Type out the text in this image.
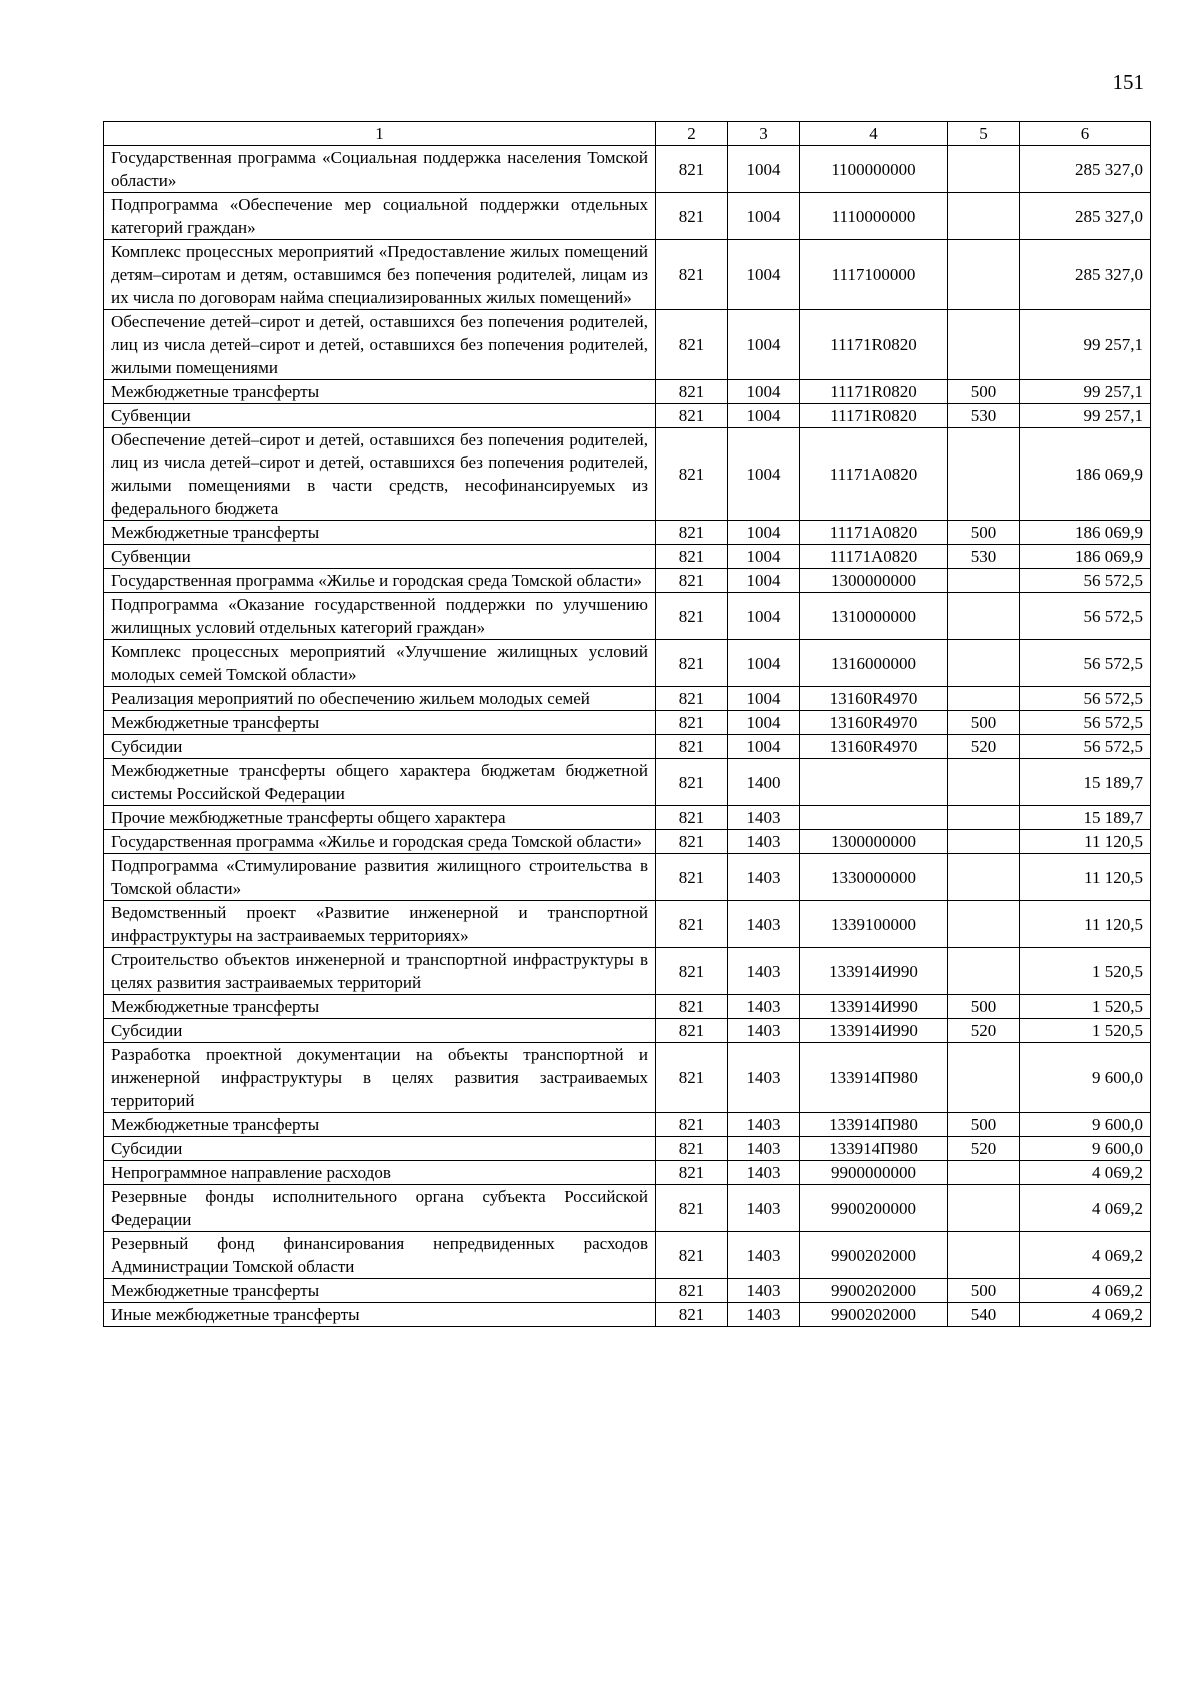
151
1	2	3	4	5	6
Государственная программа «Социальная поддержка населения Томской области»	821	1004	1100000000		285 327,0
Подпрограмма «Обеспечение мер социальной поддержки отдельных категорий граждан»	821	1004	1110000000		285 327,0
Комплекс процессных мероприятий «Предоставление жилых помещений детям–сиротам и детям, оставшимся без попечения родителей, лицам из их числа по договорам найма специализированных жилых помещений»	821	1004	1117100000		285 327,0
Обеспечение детей–сирот и детей, оставшихся без попечения родителей, лиц из числа детей–сирот и детей, оставшихся без попечения родителей, жилыми помещениями	821	1004	11171R0820		99 257,1
Межбюджетные трансферты	821	1004	11171R0820	500	99 257,1
Субвенции	821	1004	11171R0820	530	99 257,1
Обеспечение детей–сирот и детей, оставшихся без попечения родителей, лиц из числа детей–сирот и детей, оставшихся без попечения родителей, жилыми помещениями в части средств, несофинансируемых из федерального бюджета	821	1004	11171A0820		186 069,9
Межбюджетные трансферты	821	1004	11171A0820	500	186 069,9
Субвенции	821	1004	11171A0820	530	186 069,9
Государственная программа «Жилье и городская среда Томской области»	821	1004	1300000000		56 572,5
Подпрограмма «Оказание государственной поддержки по улучшению жилищных условий отдельных категорий граждан»	821	1004	1310000000		56 572,5
Комплекс процессных мероприятий «Улучшение жилищных условий молодых семей Томской области»	821	1004	1316000000		56 572,5
Реализация мероприятий по обеспечению жильем молодых семей	821	1004	13160R4970		56 572,5
Межбюджетные трансферты	821	1004	13160R4970	500	56 572,5
Субсидии	821	1004	13160R4970	520	56 572,5
Межбюджетные трансферты общего характера бюджетам бюджетной системы Российской Федерации	821	1400			15 189,7
Прочие межбюджетные трансферты общего характера	821	1403			15 189,7
Государственная программа «Жилье и городская среда Томской области»	821	1403	1300000000		11 120,5
Подпрограмма «Стимулирование развития жилищного строительства в Томской области»	821	1403	1330000000		11 120,5
Ведомственный проект «Развитие инженерной и транспортной инфраструктуры на застраиваемых территориях»	821	1403	1339100000		11 120,5
Строительство объектов инженерной и транспортной инфраструктуры в целях развития застраиваемых территорий	821	1403	133914И990		1 520,5
Межбюджетные трансферты	821	1403	133914И990	500	1 520,5
Субсидии	821	1403	133914И990	520	1 520,5
Разработка проектной документации на объекты транспортной и инженерной инфраструктуры в целях развития застраиваемых территорий	821	1403	133914П980		9 600,0
Межбюджетные трансферты	821	1403	133914П980	500	9 600,0
Субсидии	821	1403	133914П980	520	9 600,0
Непрограммное направление расходов	821	1403	9900000000		4 069,2
Резервные фонды исполнительного органа субъекта Российской Федерации	821	1403	9900200000		4 069,2
Резервный фонд финансирования непредвиденных расходов Администрации Томской области	821	1403	9900202000		4 069,2
Межбюджетные трансферты	821	1403	9900202000	500	4 069,2
Иные межбюджетные трансферты	821	1403	9900202000	540	4 069,2
